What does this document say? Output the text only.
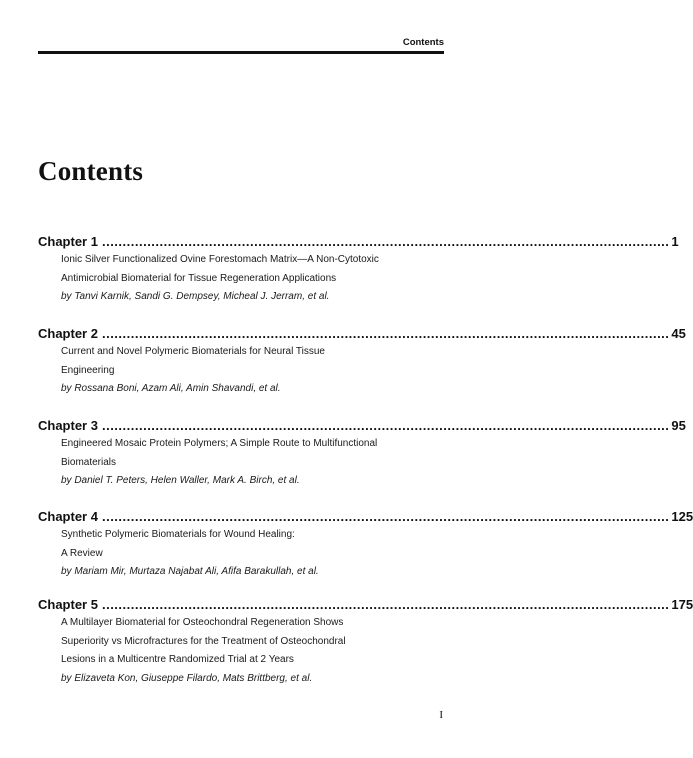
Contents
Contents
Chapter 1 .......................................................................................................................................... 1

Ionic Silver Functionalized Ovine Forestomach Matrix—A Non-Cytotoxic

Antimicrobial Biomaterial for Tissue Regeneration Applications

by Tanvi Karnik, Sandi G. Dempsey, Micheal J. Jerram, et al.

Chapter 2 .......................................................................................................................................... 45

Current and Novel Polymeric Biomaterials for Neural Tissue

Engineering

by Rossana Boni, Azam Ali, Amin Shavandi, et al.

Chapter 3 .......................................................................................................................................... 95

Engineered Mosaic Protein Polymers; A Simple Route to Multifunctional

Biomaterials

by Daniel T. Peters, Helen Waller, Mark A. Birch, et al.

Chapter 4 .......................................................................................................................................... 125

Synthetic Polymeric Biomaterials for Wound Healing:

A Review

by Mariam Mir, Murtaza Najabat Ali, Afifa Barakullah, et al.

Chapter 5 .......................................................................................................................................... 175

A Multilayer Biomaterial for Osteochondral Regeneration Shows

Superiority vs Microfractures for the Treatment of Osteochondral

Lesions in a Multicentre Randomized Trial at 2 Years

by Elizaveta Kon, Giuseppe Filardo, Mats Brittberg, et al.

I
